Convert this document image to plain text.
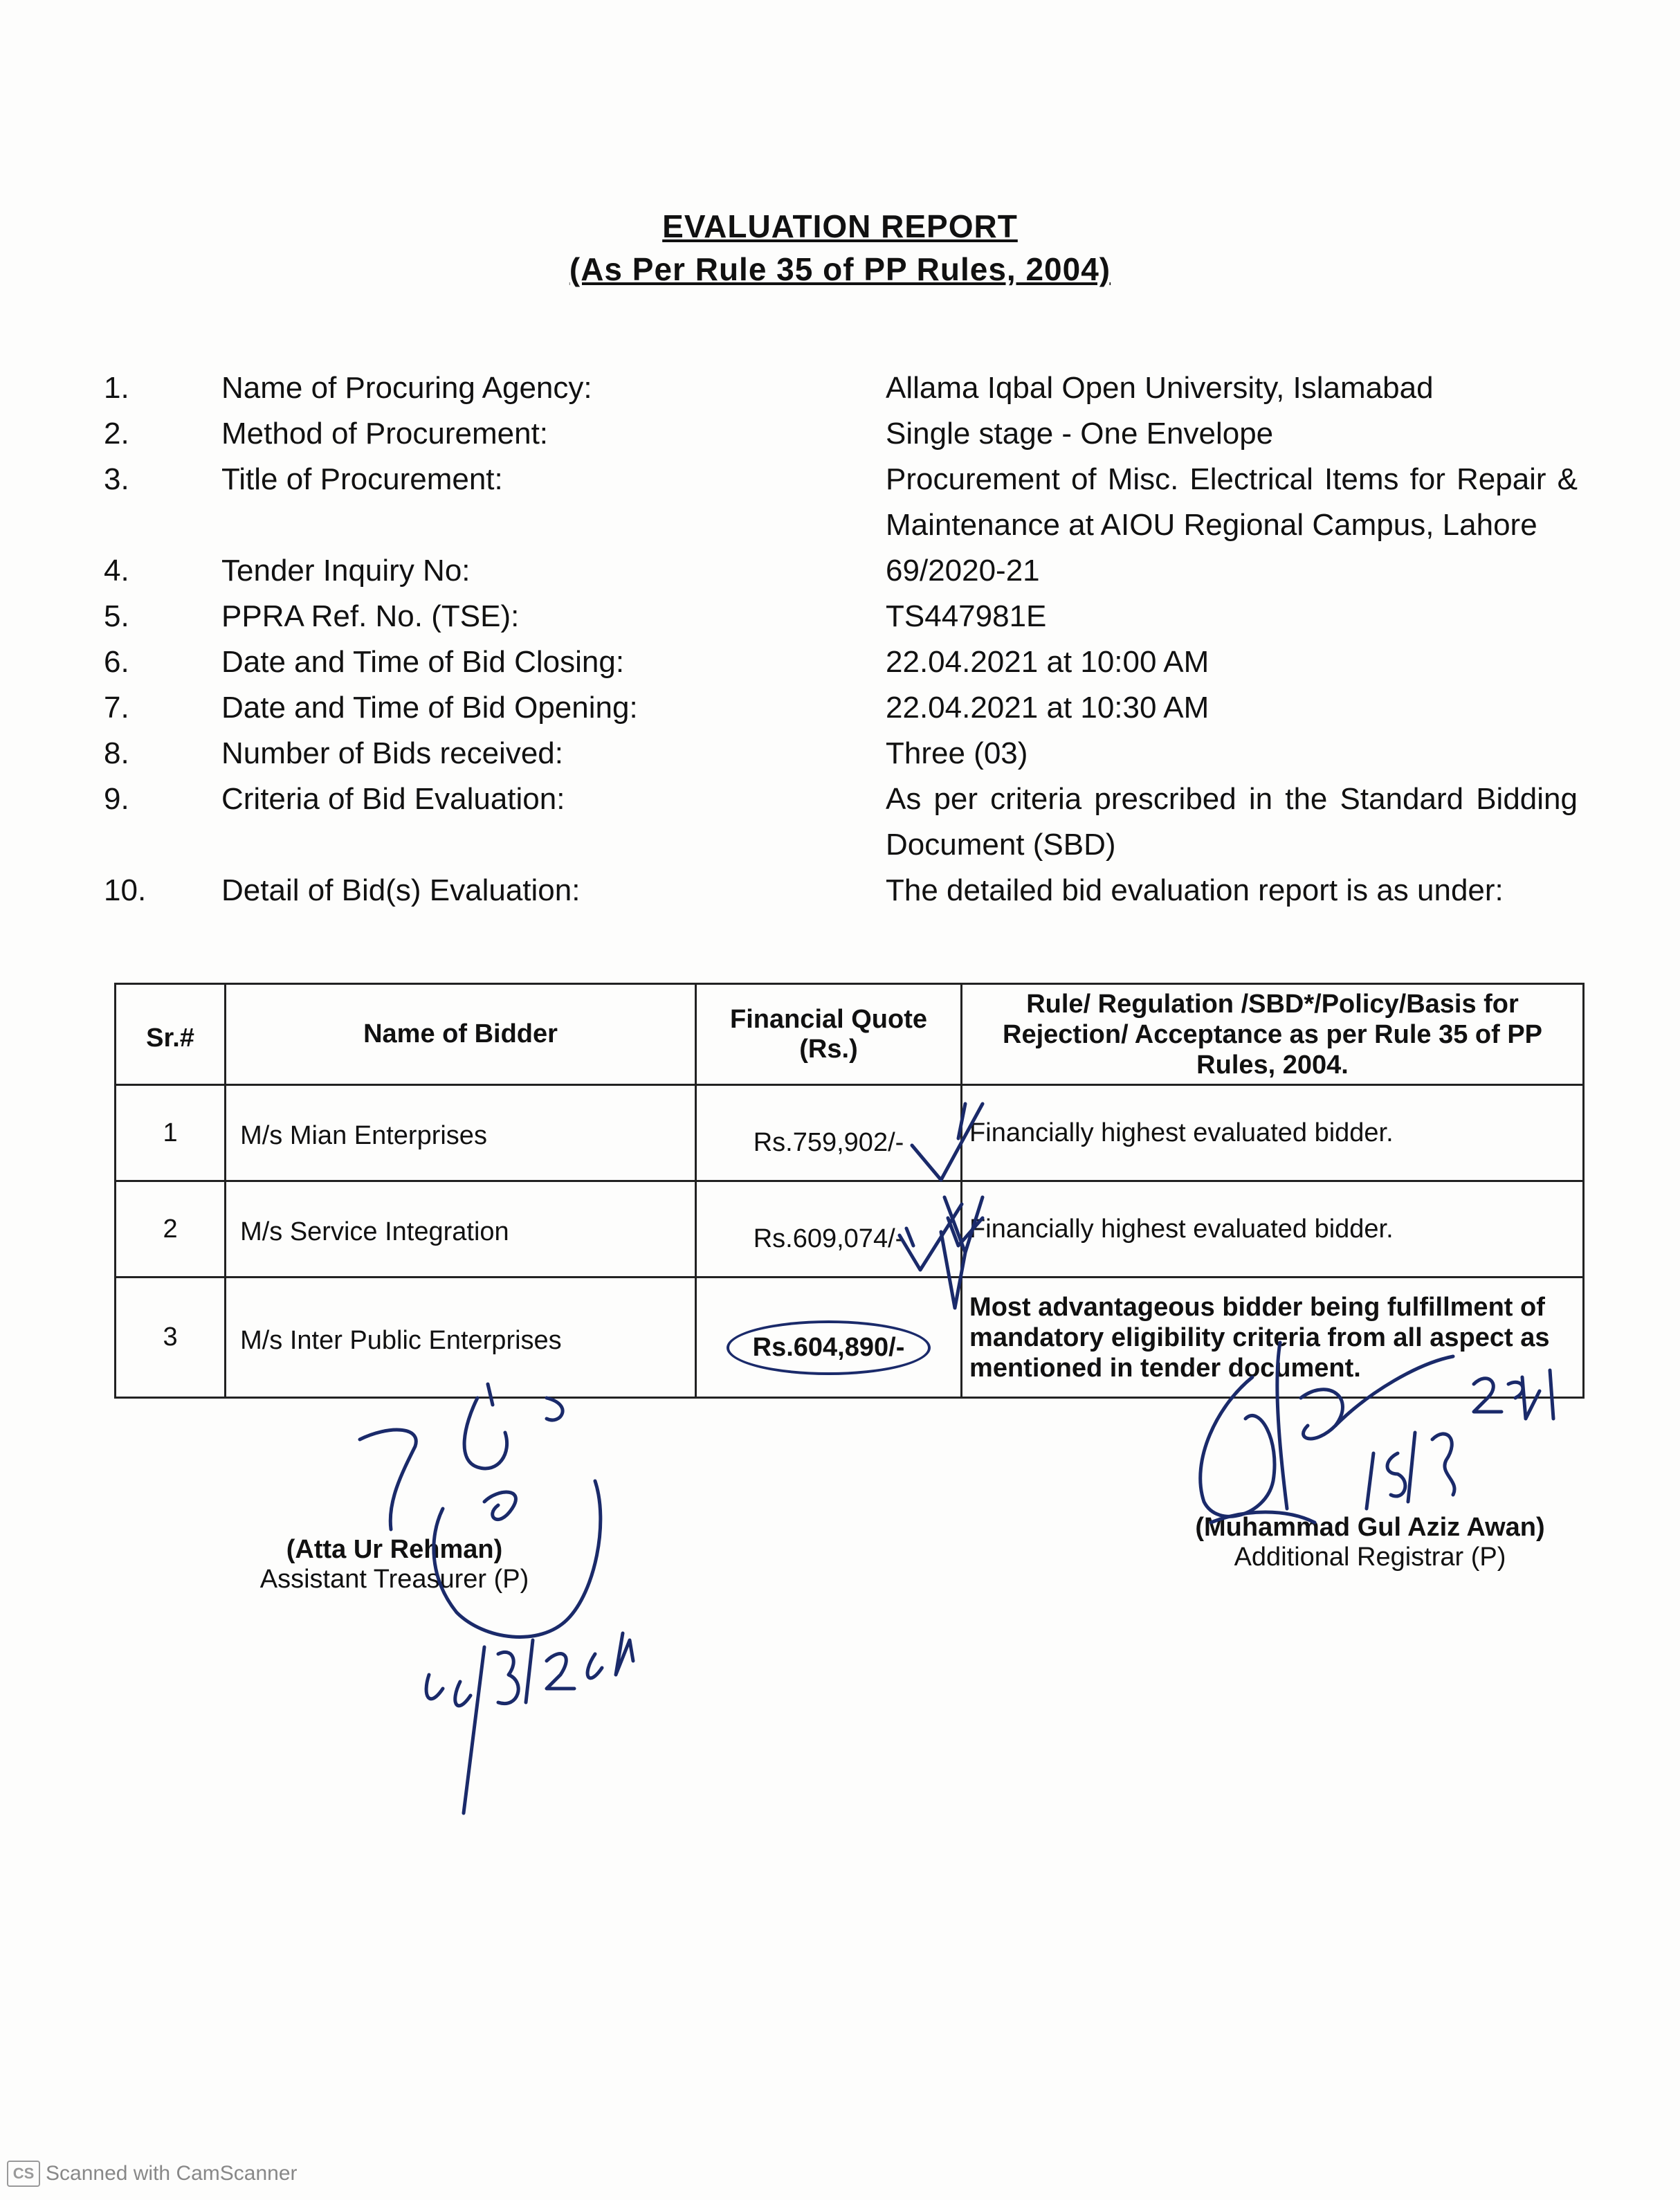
EVALUATION REPORT
(As Per Rule 35 of PP Rules, 2004)
1.	Name of Procuring Agency:	Allama Iqbal Open University, Islamabad
2.	Method of Procurement:	Single stage - One Envelope
3.	Title of Procurement:	Procurement of Misc. Electrical Items for Repair & Maintenance at AIOU Regional Campus, Lahore
4.	Tender Inquiry No:	69/2020-21
5.	PPRA Ref. No. (TSE):	TS447981E
6.	Date and Time of Bid Closing:	22.04.2021 at 10:00 AM
7.	Date and Time of Bid Opening:	22.04.2021 at 10:30 AM
8.	Number of Bids received:	Three (03)
9.	Criteria of Bid Evaluation:	As per criteria prescribed in the Standard Bidding Document (SBD)
10.	Detail of Bid(s) Evaluation:	The detailed bid evaluation report is as under:
Sr.#	Name of Bidder	Financial Quote (Rs.)	Rule/ Regulation /SBD*/Policy/Basis for Rejection/ Acceptance as per Rule 35 of PP Rules, 2004.
1	M/s Mian Enterprises	Rs.759,902/-	Financially highest evaluated bidder.
2	M/s Service Integration	Rs.609,074/-	Financially highest evaluated bidder.
3	M/s Inter Public Enterprises	Rs.604,890/-	Most advantageous bidder being fulfillment of mandatory eligibility criteria from all aspect as mentioned in tender document.
(Atta Ur Rehman)
Assistant Treasurer (P)
(Muhammad Gul Aziz Awan)
Additional Registrar (P)
CS Scanned with CamScanner
